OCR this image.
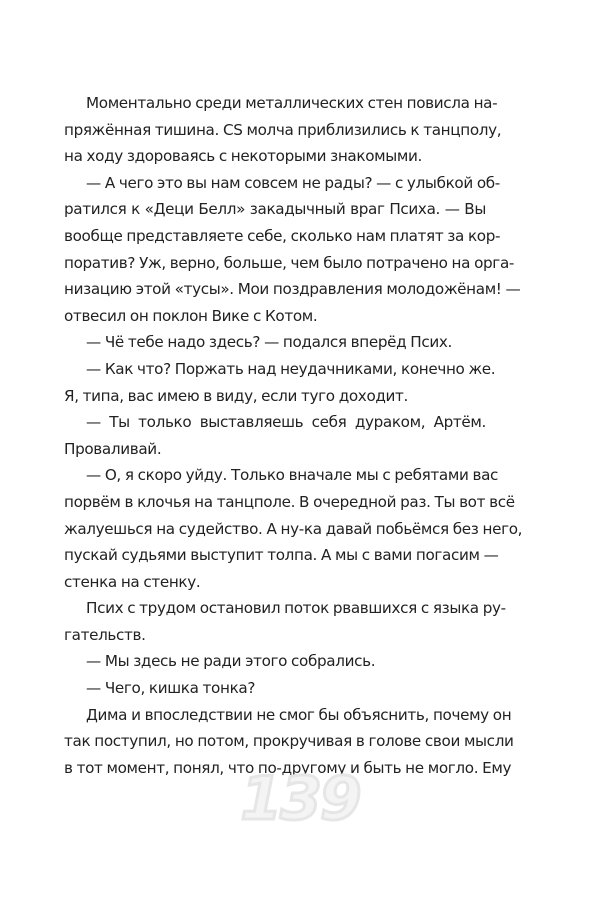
Моментально среди металлических стен повисла на-
пряжённая тишина. CS молча приблизились к танцполу,
на ходу здороваясь с некоторыми знакомыми.

— А чего это вы нам совсем не рады? — с улыбкой об-
ратился к «Деци Белл» закадычный враг Психа. — Вы
вообще представляете себе, сколько нам платят за кор-
поратив? Уж, верно, больше, чем было потрачено на орга-
низацию этой «тусы». Мои поздравления молодожёнам! —
отвесил он поклон Вике с Котом.

— Чё тебе надо здесь? — подался вперёд Псих.

— Как что? Поржать над неудачниками, конечно же.
Я, типа, вас имею в виду, если туго доходит.

— Ты только выставляешь себя дураком, Артём.
Проваливай.

— О, я скоро уйду. Только вначале мы с ребятами вас
порвём в клочья на танцполе. В очередной раз. Ты вот всё
жалуешься на судейство. А ну-ка давай побьёмся без него,
пускай судьями выступит толпа. А мы с вами погасим —
стенка на стенку.

Псих с трудом остановил поток рвавшихся с языка ру-
гательств.

— Мы здесь не ради этого собрались.

— Чего, кишка тонка?

Дима и впоследствии не смог бы объяснить, почему он
так поступил, но потом, прокручивая в голове свои мысли
в тот момент, понял, что по-другому и быть не могло. Ему

139
